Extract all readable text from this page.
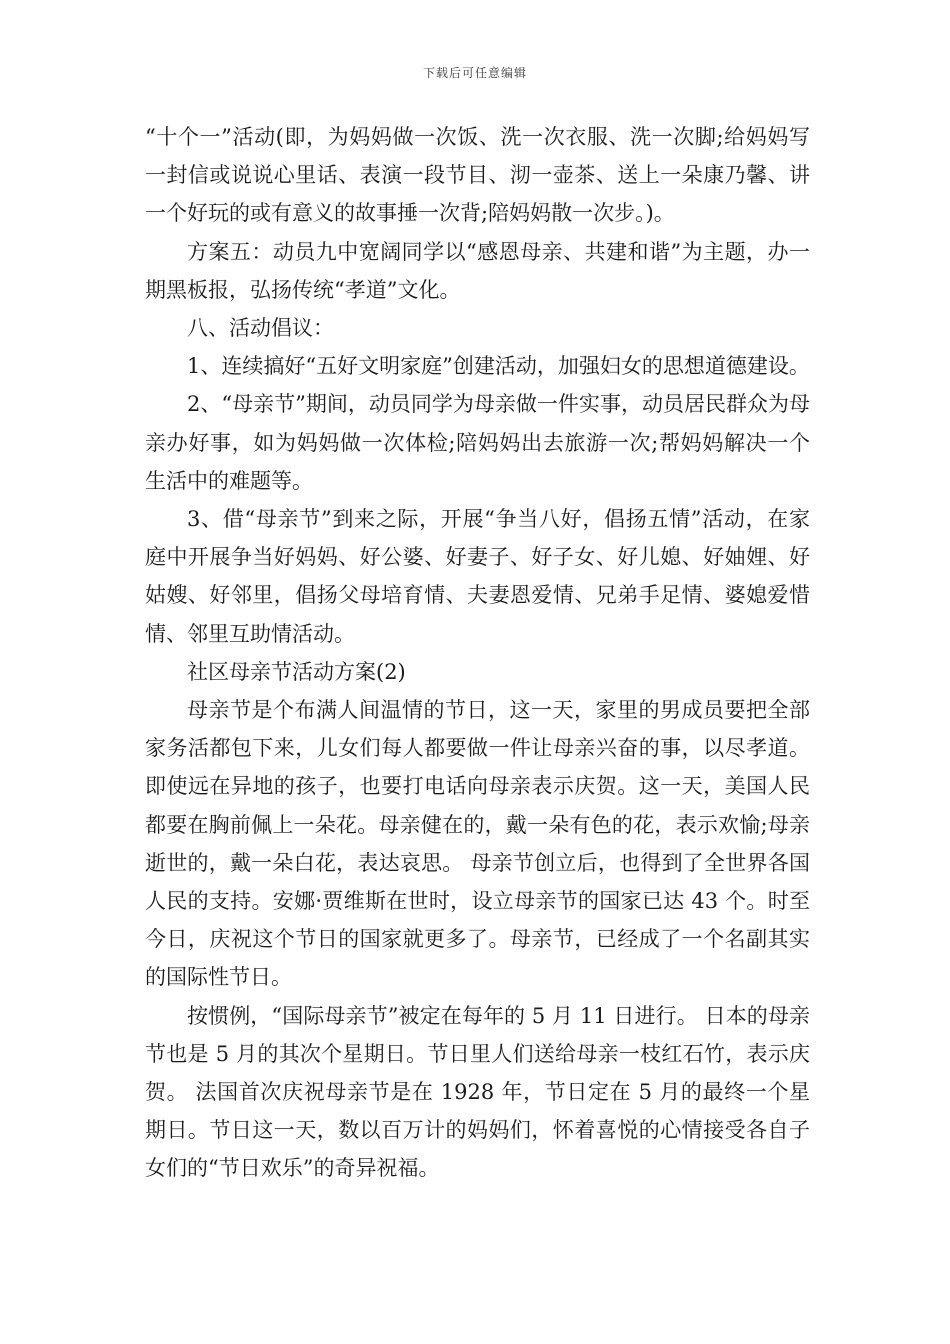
下载后可任意编辑

“十个一”活动(即，为妈妈做一次饭、洗一次衣服、洗一次脚;给妈妈写一封信或说说心里话、表演一段节目、沏一壶茶、送上一朵康乃馨、讲一个好玩的或有意义的故事捶一次背;陪妈妈散一次步。)。

方案五：动员九中宽阔同学以“感恩母亲、共建和谐”为主题，办一期黑板报，弘扬传统“孝道”文化。

八、活动倡议：

1、连续搞好“五好文明家庭”创建活动，加强妇女的思想道德建设。

2、“母亲节”期间，动员同学为母亲做一件实事，动员居民群众为母亲办好事，如为妈妈做一次体检;陪妈妈出去旅游一次;帮妈妈解决一个生活中的难题等。

3、借“母亲节”到来之际，开展“争当八好，倡扬五情”活动，在家庭中开展争当好妈妈、好公婆、好妻子、好子女、好儿媳、好妯娌、好姑嫂、好邻里，倡扬父母培育情、夫妻恩爱情、兄弟手足情、婆媳爱惜情、邻里互助情活动。

社区母亲节活动方案(2)

母亲节是个布满人间温情的节日，这一天，家里的男成员要把全部家务活都包下来，儿女们每人都要做一件让母亲兴奋的事，以尽孝道。即使远在异地的孩子，也要打电话向母亲表示庆贺。这一天，美国人民都要在胸前佩上一朵花。母亲健在的，戴一朵有色的花，表示欢愉;母亲逝世的，戴一朵白花，表达哀思。 母亲节创立后，也得到了全世界各国人民的支持。安娜·贾维斯在世时，设立母亲节的国家已达 43 个。时至今日，庆祝这个节日的国家就更多了。母亲节，已经成了一个名副其实的国际性节日。

按惯例，“国际母亲节”被定在每年的 5 月 11 日进行。 日本的母亲节也是 5 月的其次个星期日。节日里人们送给母亲一枝红石竹，表示庆贺。 法国首次庆祝母亲节是在 1928 年，节日定在 5 月的最终一个星期日。节日这一天，数以百万计的妈妈们，怀着喜悦的心情接受各自子女们的“节日欢乐”的奇异祝福。
